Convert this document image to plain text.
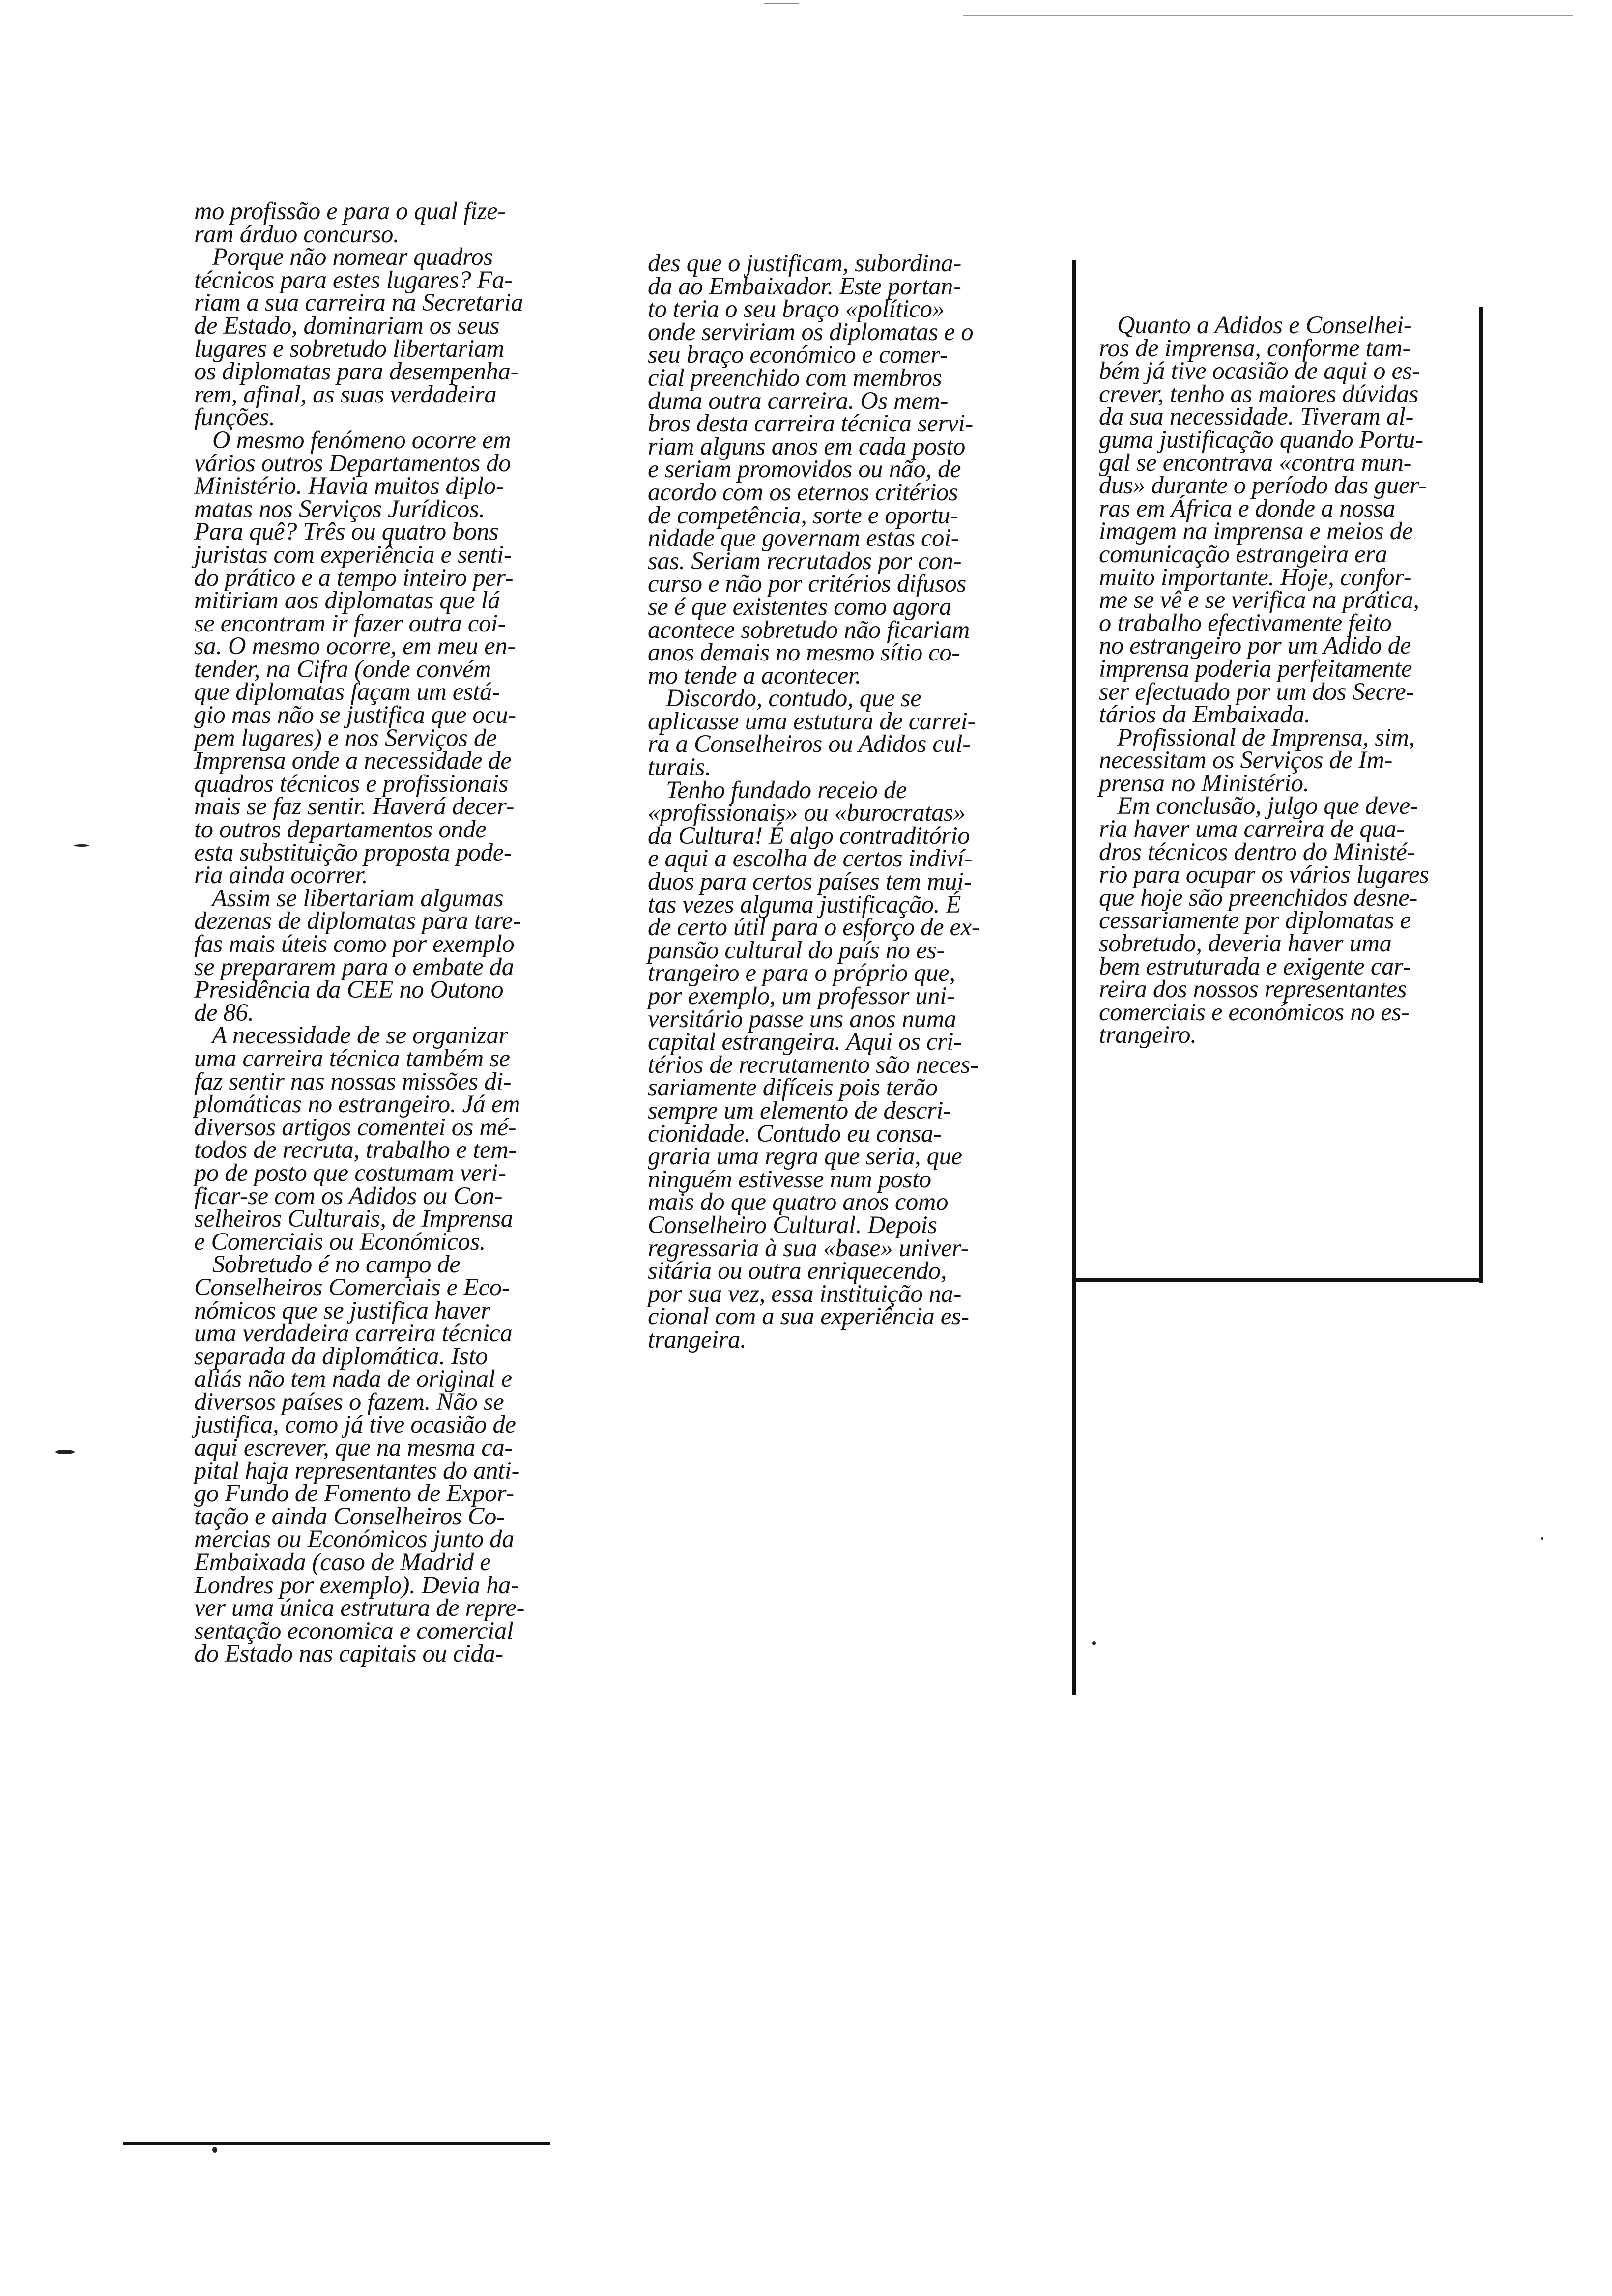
mo profissão e para o qual fize-
ram árduo concurso.
Porque não nomear quadros
técnicos para estes lugares? Fa-
riam a sua carreira na Secretaria
de Estado, dominariam os seus
lugares e sobretudo libertariam
os diplomatas para desempenha-
rem, afinal, as suas verdadeira
funções.
O mesmo fenómeno ocorre em
vários outros Departamentos do
Ministério. Havia muitos diplo-
matas nos Serviços Jurídicos.
Para quê? Três ou quatro bons
juristas com experiência e senti-
do prático e a tempo inteiro per-
mitiriam aos diplomatas que lá
se encontram ir fazer outra coi-
sa. O mesmo ocorre, em meu en-
tender, na Cifra (onde convém
que diplomatas façam um está-
gio mas não se justifica que ocu-
pem lugares) e nos Serviços de
Imprensa onde a necessidade de
quadros técnicos e profissionais
mais se faz sentir. Haverá decer-
to outros departamentos onde
esta substituição proposta pode-
ria ainda ocorrer.
Assim se libertariam algumas
dezenas de diplomatas para tare-
fas mais úteis como por exemplo
se prepararem para o embate da
Presidência da CEE no Outono
de 86.
A necessidade de se organizar
uma carreira técnica também se
faz sentir nas nossas missões di-
plomáticas no estrangeiro. Já em
diversos artigos comentei os mé-
todos de recruta, trabalho e tem-
po de posto que costumam veri-
ficar-se com os Adidos ou Con-
selheiros Culturais, de Imprensa
e Comerciais ou Económicos.
Sobretudo é no campo de
Conselheiros Comerciais e Eco-
nómicos que se justifica haver
uma verdadeira carreira técnica
separada da diplomática. Isto
aliás não tem nada de original e
diversos países o fazem. Não se
justifica, como já tive ocasião de
aqui escrever, que na mesma ca-
pital haja representantes do anti-
go Fundo de Fomento de Expor-
tação e ainda Conselheiros Co-
mercias ou Económicos junto da
Embaixada (caso de Madrid e
Londres por exemplo). Devia ha-
ver uma única estrutura de repre-
sentação economica e comercial
do Estado nas capitais ou cida-
des que o justificam, subordina-
da ao Embaixador. Este portan-
to teria o seu braço «político»
onde serviriam os diplomatas e o
seu braço económico e comer-
cial preenchido com membros
duma outra carreira. Os mem-
bros desta carreira técnica servi-
riam alguns anos em cada posto
e seriam promovidos ou não, de
acordo com os eternos critérios
de competência, sorte e oportu-
nidade que governam estas coi-
sas. Seriam recrutados por con-
curso e não por critérios difusos
se é que existentes como agora
acontece sobretudo não ficariam
anos demais no mesmo sítio co-
mo tende a acontecer.
Discordo, contudo, que se
aplicasse uma estutura de carrei-
ra a Conselheiros ou Adidos cul-
turais.
Tenho fundado receio de
«profissionais» ou «burocratas»
da Cultura! É algo contraditório
e aqui a escolha de certos indiví-
duos para certos países tem mui-
tas vezes alguma justificação. É
de certo útil para o esforço de ex-
pansão cultural do país no es-
trangeiro e para o próprio que,
por exemplo, um professor uni-
versitário passe uns anos numa
capital estrangeira. Aqui os cri-
térios de recrutamento são neces-
sariamente difíceis pois terão
sempre um elemento de descri-
cionidade. Contudo eu consa-
graria uma regra que seria, que
ninguém estivesse num posto
mais do que quatro anos como
Conselheiro Cultural. Depois
regressaria à sua «base» univer-
sitária ou outra enriquecendo,
por sua vez, essa instituição na-
cional com a sua experiência es-
trangeira.
Quanto a Adidos e Conselhei-
ros de imprensa, conforme tam-
bém já tive ocasião de aqui o es-
crever, tenho as maiores dúvidas
da sua necessidade. Tiveram al-
guma justificação quando Portu-
gal se encontrava «contra mun-
dus» durante o período das guer-
ras em África e donde a nossa
imagem na imprensa e meios de
comunicação estrangeira era
muito importante. Hoje, confor-
me se vê e se verifica na prática,
o trabalho efectivamente feito
no estrangeiro por um Adido de
imprensa poderia perfeitamente
ser efectuado por um dos Secre-
tários da Embaixada.
Profissional de Imprensa, sim,
necessitam os Serviços de Im-
prensa no Ministério.
Em conclusão, julgo que deve-
ria haver uma carreira de qua-
dros técnicos dentro do Ministé-
rio para ocupar os vários lugares
que hoje são preenchidos desne-
cessariamente por diplomatas e
sobretudo, deveria haver uma
bem estruturada e exigente car-
reira dos nossos representantes
comerciais e económicos no es-
trangeiro.
